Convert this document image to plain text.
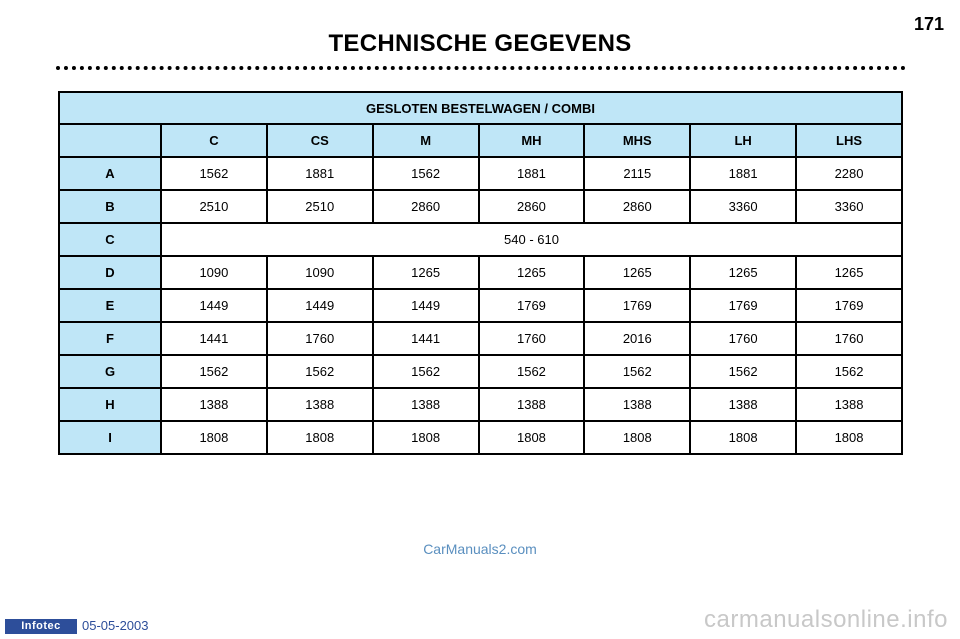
171
TECHNISCHE GEGEVENS
GESLOTEN BESTELWAGEN / COMBI							
	C	CS	M	MH	MHS	LH	LHS
A	1562	1881	1562	1881	2115	1881	2280
B	2510	2510	2860	2860	2860	3360	3360
C	540 - 610						
D	1090	1090	1265	1265	1265	1265	1265
E	1449	1449	1449	1769	1769	1769	1769
F	1441	1760	1441	1760	2016	1760	1760
G	1562	1562	1562	1562	1562	1562	1562
H	1388	1388	1388	1388	1388	1388	1388
I	1808	1808	1808	1808	1808	1808	1808
CarManuals2.com
Infotec	05-05-2003	carmanualsonline.info
